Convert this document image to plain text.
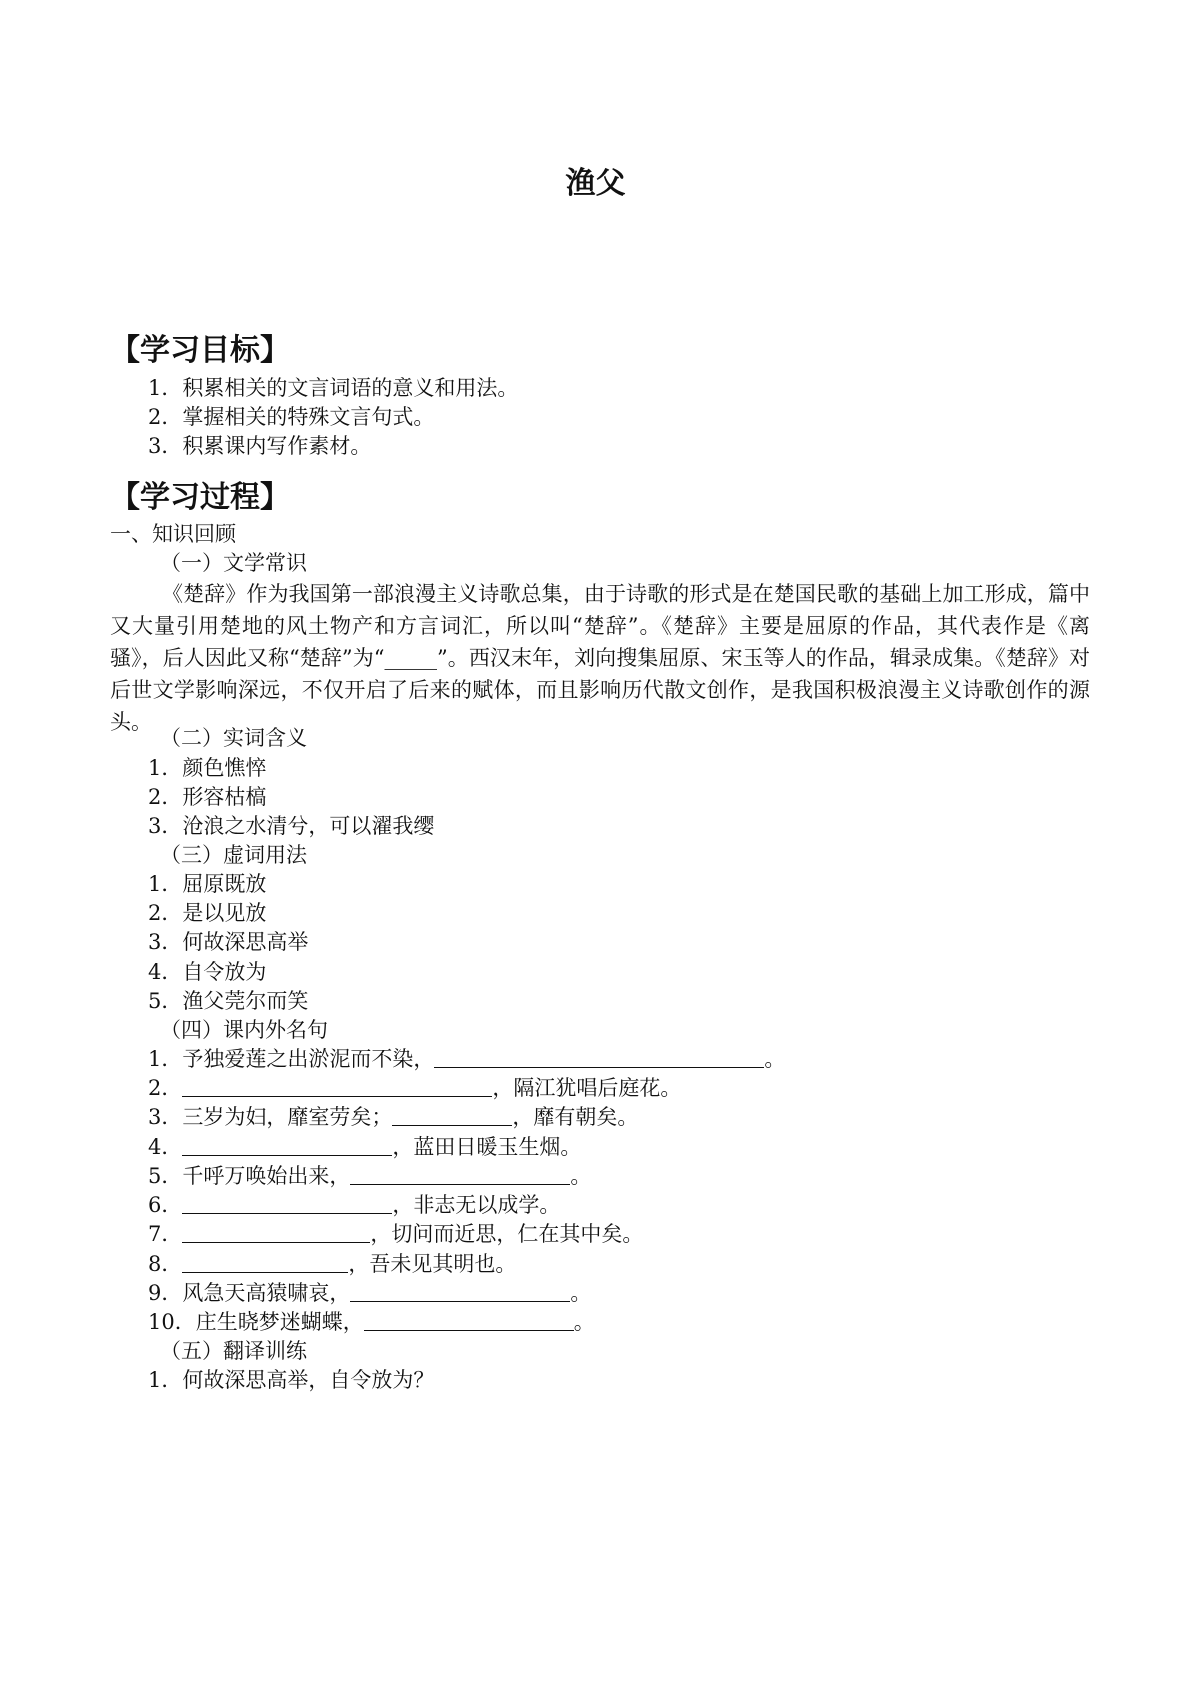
渔父
【学习目标】
1．积累相关的文言词语的意义和用法。
2．掌握相关的特殊文言句式。
3．积累课内写作素材。
【学习过程】
一、知识回顾
（一）文学常识
《楚辞》作为我国第一部浪漫主义诗歌总集，由于诗歌的形式是在楚国民歌的基础上加工形成，篇中又大量引用楚地的风土物产和方言词汇，所以叫“楚辞”。《楚辞》主要是屈原的作品，其代表作是《离骚》，后人因此又称“楚辞”为“_____”。西汉末年，刘向搜集屈原、宋玉等人的作品，辑录成集。《楚辞》对后世文学影响深远，不仅开启了后来的赋体，而且影响历代散文创作，是我国积极浪漫主义诗歌创作的源头。
（二）实词含义
1．颜色憔悴
2．形容枯槁
3．沧浪之水清兮，可以濯我缨
（三）虚词用法
1．屈原既放
2．是以见放
3．何故深思高举
4．自令放为
5．渔父莞尔而笑
（四）课内外名句
1．予独爱莲之出淤泥而不染，	。
2．	，隔江犹唱后庭花。
3．三岁为妇，靡室劳矣；	，靡有朝矣。
4．	，蓝田日暖玉生烟。
5．千呼万唤始出来，	。
6．	，非志无以成学。
7．	，切问而近思，仁在其中矣。
8．	，吾未见其明也。
9．风急天高猿啸哀，	。
10．庄生晓梦迷蝴蝶，	。
（五）翻译训练
1．何故深思高举，自令放为？
